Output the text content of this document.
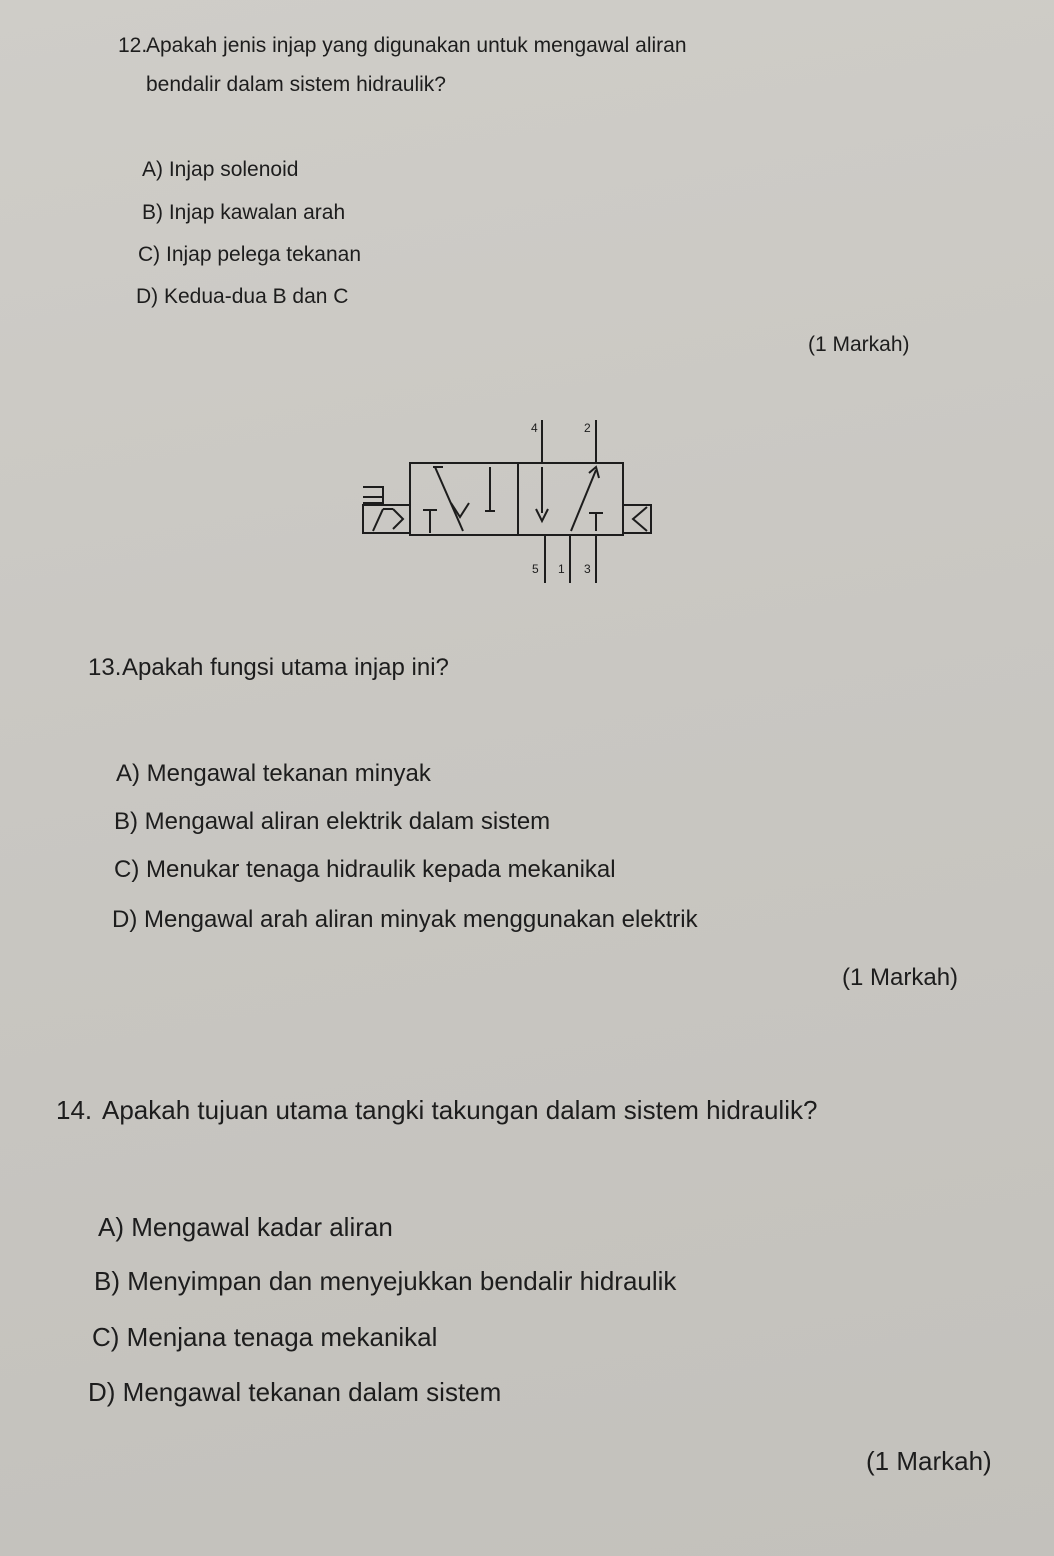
12.
Apakah jenis injap yang digunakan untuk mengawal aliran
bendalir dalam sistem hidraulik?
A) Injap solenoid
B) Injap kawalan arah
C) Injap pelega tekanan
D) Kedua-dua B dan C
(1 Markah)
4	2
5 1 3
13. Apakah fungsi utama injap ini?
A) Mengawal tekanan minyak
B) Mengawal aliran elektrik dalam sistem
C) Menukar tenaga hidraulik kepada mekanikal
D) Mengawal arah aliran minyak menggunakan elektrik
(1 Markah)
14. Apakah tujuan utama tangki takungan dalam sistem hidraulik?
A) Mengawal kadar aliran
B) Menyimpan dan menyejukkan bendalir hidraulik
C) Menjana tenaga mekanikal
D) Mengawal tekanan dalam sistem
(1 Markah)
